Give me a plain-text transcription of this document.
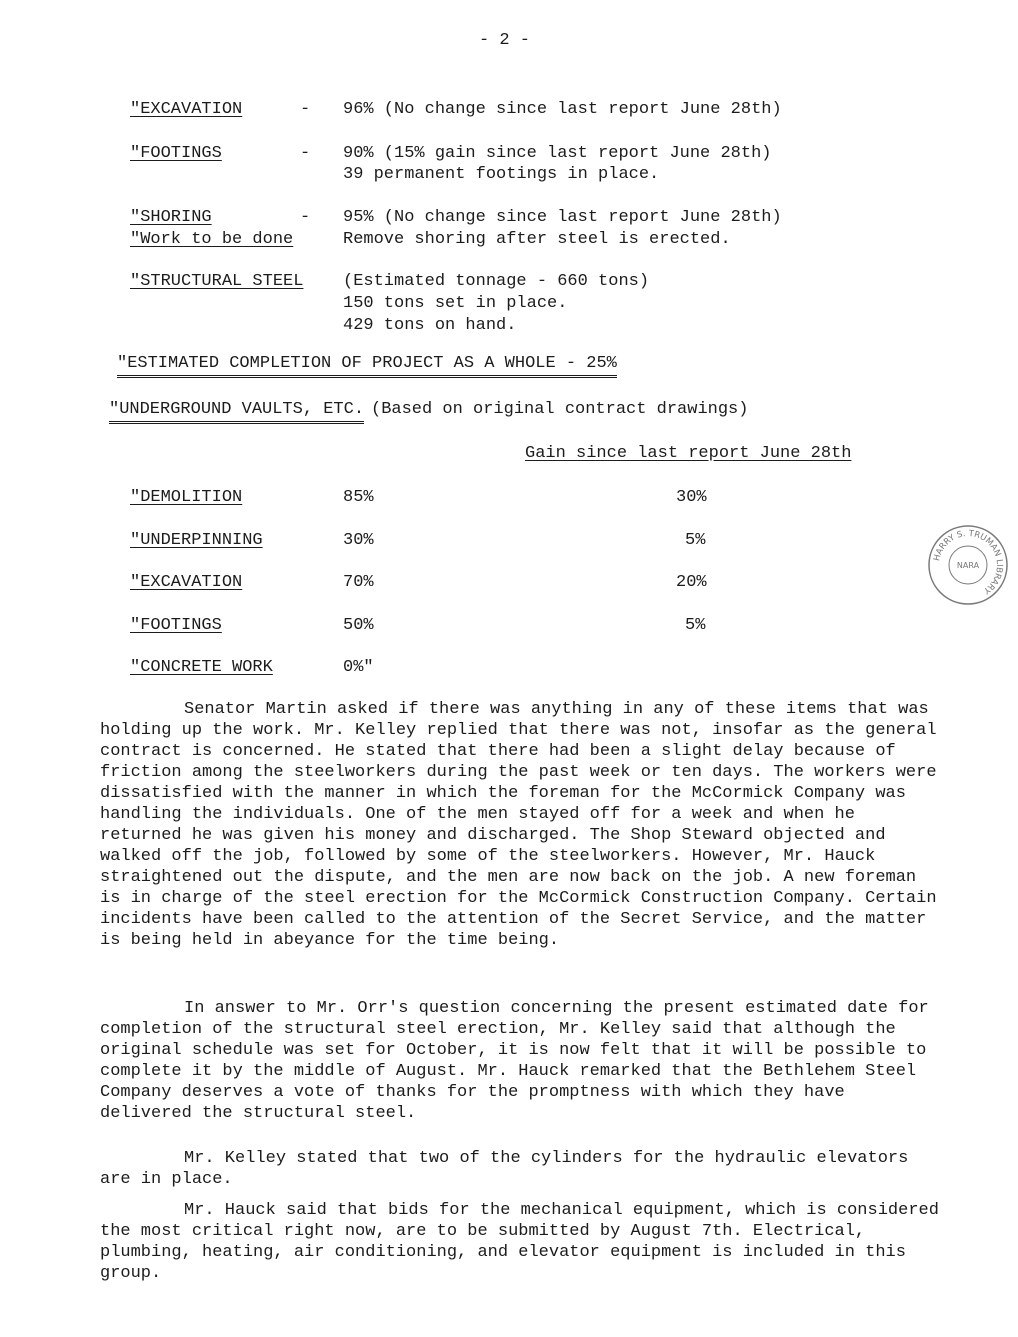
- 2 -
"EXCAVATION	- 96% (No change since last report June 28th)
"FOOTINGS	- 90% (15% gain since last report June 28th)
39 permanent footings in place.
"SHORING	- 95% (No change since last report June 28th)
"Work to be done	Remove shoring after steel is erected.
"STRUCTURAL STEEL (Estimated tonnage - 660 tons)
150 tons set in place.
429 tons on hand.
"ESTIMATED COMPLETION OF PROJECT AS A WHOLE - 25%
"UNDERGROUND VAULTS, ETC. (Based on original contract drawings)
Gain since last report June 28th
"DEMOLITION	85%	30%
"UNDERPINNING	30%	5%
"EXCAVATION	70%	20%
"FOOTINGS	50%	5%
"CONCRETE WORK	0%"
HARRY S. TRUMAN LIBRARY
NARA
Senator Martin asked if there was anything in any of these items that was holding up the work. Mr. Kelley replied that there was not, insofar as the general contract is concerned. He stated that there had been a slight delay because of friction among the steelworkers during the past week or ten days. The workers were dissatisfied with the manner in which the foreman for the McCormick Company was handling the individuals. One of the men stayed off for a week and when he returned he was given his money and discharged. The Shop Steward objected and walked off the job, followed by some of the steelworkers. However, Mr. Hauck straightened out the dispute, and the men are now back on the job. A new foreman is in charge of the steel erection for the McCormick Construction Company. Certain incidents have been called to the attention of the Secret Service, and the matter is being held in abeyance for the time being.
In answer to Mr. Orr's question concerning the present estimated date for completion of the structural steel erection, Mr. Kelley said that although the original schedule was set for October, it is now felt that it will be possible to complete it by the middle of August. Mr. Hauck remarked that the Bethlehem Steel Company deserves a vote of thanks for the promptness with which they have delivered the structural steel.
Mr. Kelley stated that two of the cylinders for the hydraulic elevators are in place.
Mr. Hauck said that bids for the mechanical equipment, which is considered the most critical right now, are to be submitted by August 7th. Electrical, plumbing, heating, air conditioning, and elevator equipment is included in this group.
